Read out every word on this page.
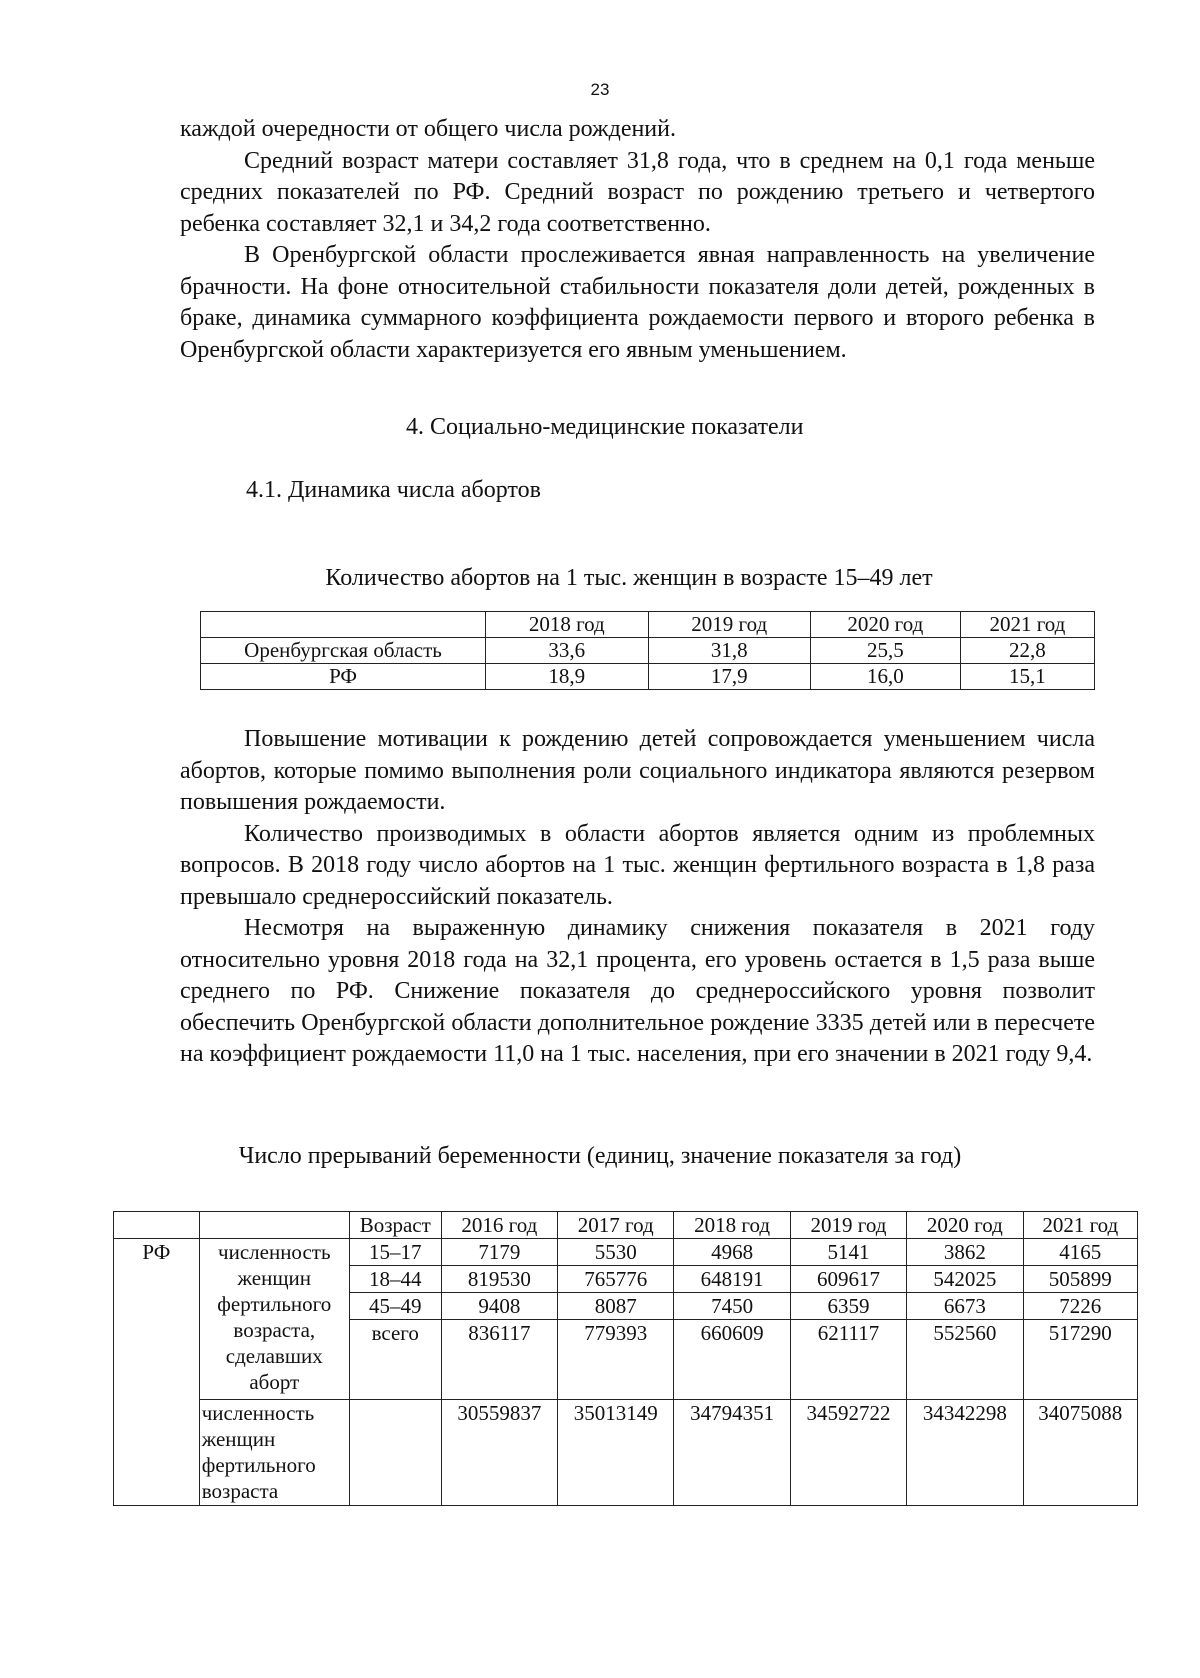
23

каждой очередности от общего числа рождений.

Средний возраст матери составляет 31,8 года, что в среднем на 0,1 года меньше средних показателей по РФ. Средний возраст по рождению третьего и четвертого ребенка составляет 32,1 и 34,2 года соответственно.

В Оренбургской области прослеживается явная направленность на увеличение брачности. На фоне относительной стабильности показателя доли детей, рожденных в браке, динамика суммарного коэффициента рождаемости первого и второго ребенка в Оренбургской области характеризуется его явным уменьшением.

4. Социально-медицинские показатели
4.1. Динамика числа абортов
Количество абортов на 1 тыс. женщин в возрасте 15–49 лет
	2018 год	2019 год	2020 год	2021 год
Оренбургская область	33,6	31,8	25,5	22,8
РФ	18,9	17,9	16,0	15,1

Повышение мотивации к рождению детей сопровождается уменьшением числа абортов, которые помимо выполнения роли социального индикатора являются резервом повышения рождаемости.

Количество производимых в области абортов является одним из проблемных вопросов. В 2018 году число абортов на 1 тыс. женщин фертильного возраста в 1,8 раза превышало среднероссийский показатель.

Несмотря на выраженную динамику снижения показателя в 2021 году относительно уровня 2018 года на 32,1 процента, его уровень остается в 1,5 раза выше среднего по РФ. Снижение показателя до среднероссийского уровня позволит обеспечить Оренбургской области дополнительное рождение 3335 детей или в пересчете на коэффициент рождаемости 11,0 на 1 тыс. населения, при его значении в 2021 году 9,4.

Число прерываний беременности (единиц, значение показателя за год)
		Возраст	2016 год	2017 год	2018 год	2019 год	2020 год	2021 год
РФ	численность женщин фертильного возраста, сделавших аборт	15–17	7179	5530	4968	5141	3862	4165
		18–44	819530	765776	648191	609617	542025	505899
		45–49	9408	8087	7450	6359	6673	7226
		всего	836117	779393	660609	621117	552560	517290
	численность женщин фертильного возраста		30559837	35013149	34794351	34592722	34342298	34075088
